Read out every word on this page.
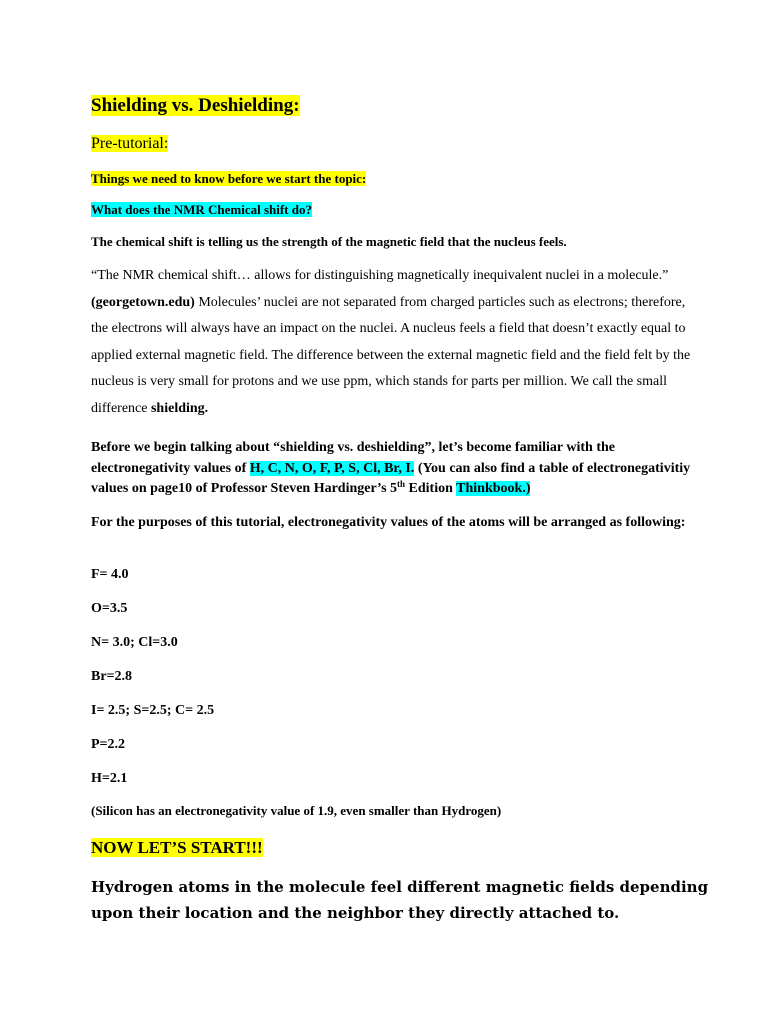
Shielding vs. Deshielding:

Pre-tutorial:

Things we need to know before we start the topic:

What does the NMR Chemical shift do?

The chemical shift is telling us the strength of the magnetic field that the nucleus feels.

“The NMR chemical shift… allows for distinguishing magnetically inequivalent nuclei in a molecule.” (georgetown.edu) Molecules’ nuclei are not separated from charged particles such as electrons; therefore, the electrons will always have an impact on the nuclei. A nucleus feels a field that doesn’t exactly equal to applied external magnetic field. The difference between the external magnetic field and the field felt by the nucleus is very small for protons and we use ppm, which stands for parts per million. We call the small difference shielding.

Before we begin talking about “shielding vs. deshielding”, let’s become familiar with the electronegativity values of H, C, N, O, F, P, S, Cl, Br, I. (You can also find a table of electronegativitiy values on page10 of Professor Steven Hardinger’s 5th Edition Thinkbook.)

For the purposes of this tutorial, electronegativity values of the atoms will be arranged as following:

F= 4.0

O=3.5

N= 3.0; Cl=3.0

Br=2.8

I= 2.5; S=2.5; C= 2.5

P=2.2

H=2.1

(Silicon has an electronegativity value of 1.9, even smaller than Hydrogen)

NOW LET’S START!!!

Hydrogen atoms in the molecule feel different magnetic fields depending upon their location and the neighbor they directly attached to.
